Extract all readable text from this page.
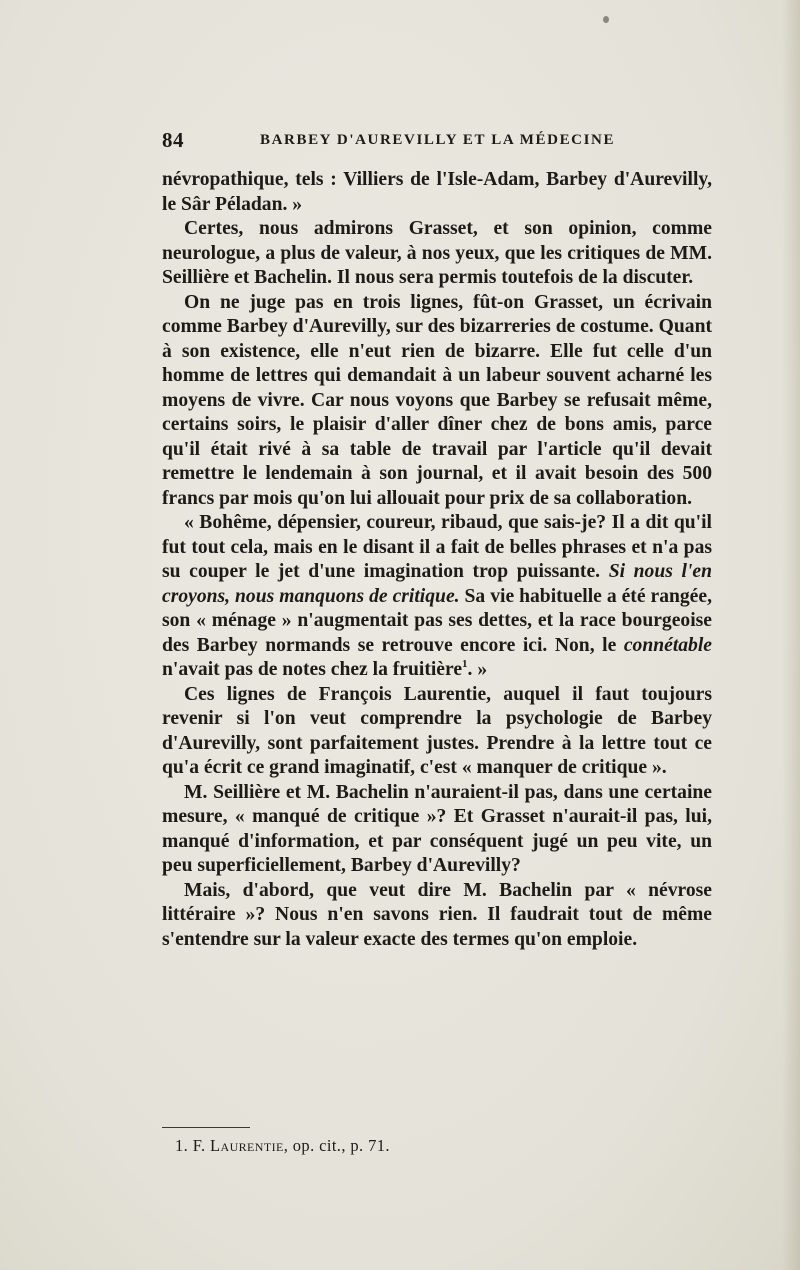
84	BARBEY D'AUREVILLY ET LA MÉDECINE

névropathique, tels : Villiers de l'Isle-Adam, Barbey d'Aurevilly, le Sâr Péladan. »

Certes, nous admirons Grasset, et son opinion, comme neurologue, a plus de valeur, à nos yeux, que les critiques de MM. Seillière et Bachelin. Il nous sera permis toutefois de la discuter.

On ne juge pas en trois lignes, fût-on Grasset, un écrivain comme Barbey d'Aurevilly, sur des bizarreries de costume. Quant à son existence, elle n'eut rien de bizarre. Elle fut celle d'un homme de lettres qui demandait à un labeur souvent acharné les moyens de vivre. Car nous voyons que Barbey se refusait même, certains soirs, le plaisir d'aller dîner chez de bons amis, parce qu'il était rivé à sa table de travail par l'article qu'il devait remettre le lendemain à son journal, et il avait besoin des 500 francs par mois qu'on lui allouait pour prix de sa collaboration.

« Bohême, dépensier, coureur, ribaud, que sais-je? Il a dit qu'il fut tout cela, mais en le disant il a fait de belles phrases et n'a pas su couper le jet d'une imagination trop puissante. Si nous l'en croyons, nous manquons de critique. Sa vie habituelle a été rangée, son « ménage » n'augmentait pas ses dettes, et la race bourgeoise des Barbey normands se retrouve encore ici. Non, le connétable n'avait pas de notes chez la fruitière$^1$. »

Ces lignes de François Laurentie, auquel il faut toujours revenir si l'on veut comprendre la psychologie de Barbey d'Aurevilly, sont parfaitement justes. Prendre à la lettre tout ce qu'a écrit ce grand imaginatif, c'est « manquer de critique ».

M. Seillière et M. Bachelin n'auraient-il pas, dans une certaine mesure, « manqué de critique »? Et Grasset n'aurait-il pas, lui, manqué d'information, et par conséquent jugé un peu vite, un peu superficiellement, Barbey d'Aurevilly?

Mais, d'abord, que veut dire M. Bachelin par « névrose littéraire »? Nous n'en savons rien. Il faudrait tout de même s'entendre sur la valeur exacte des termes qu'on emploie.

1. F. Laurentie, op. cit., p. 71.
